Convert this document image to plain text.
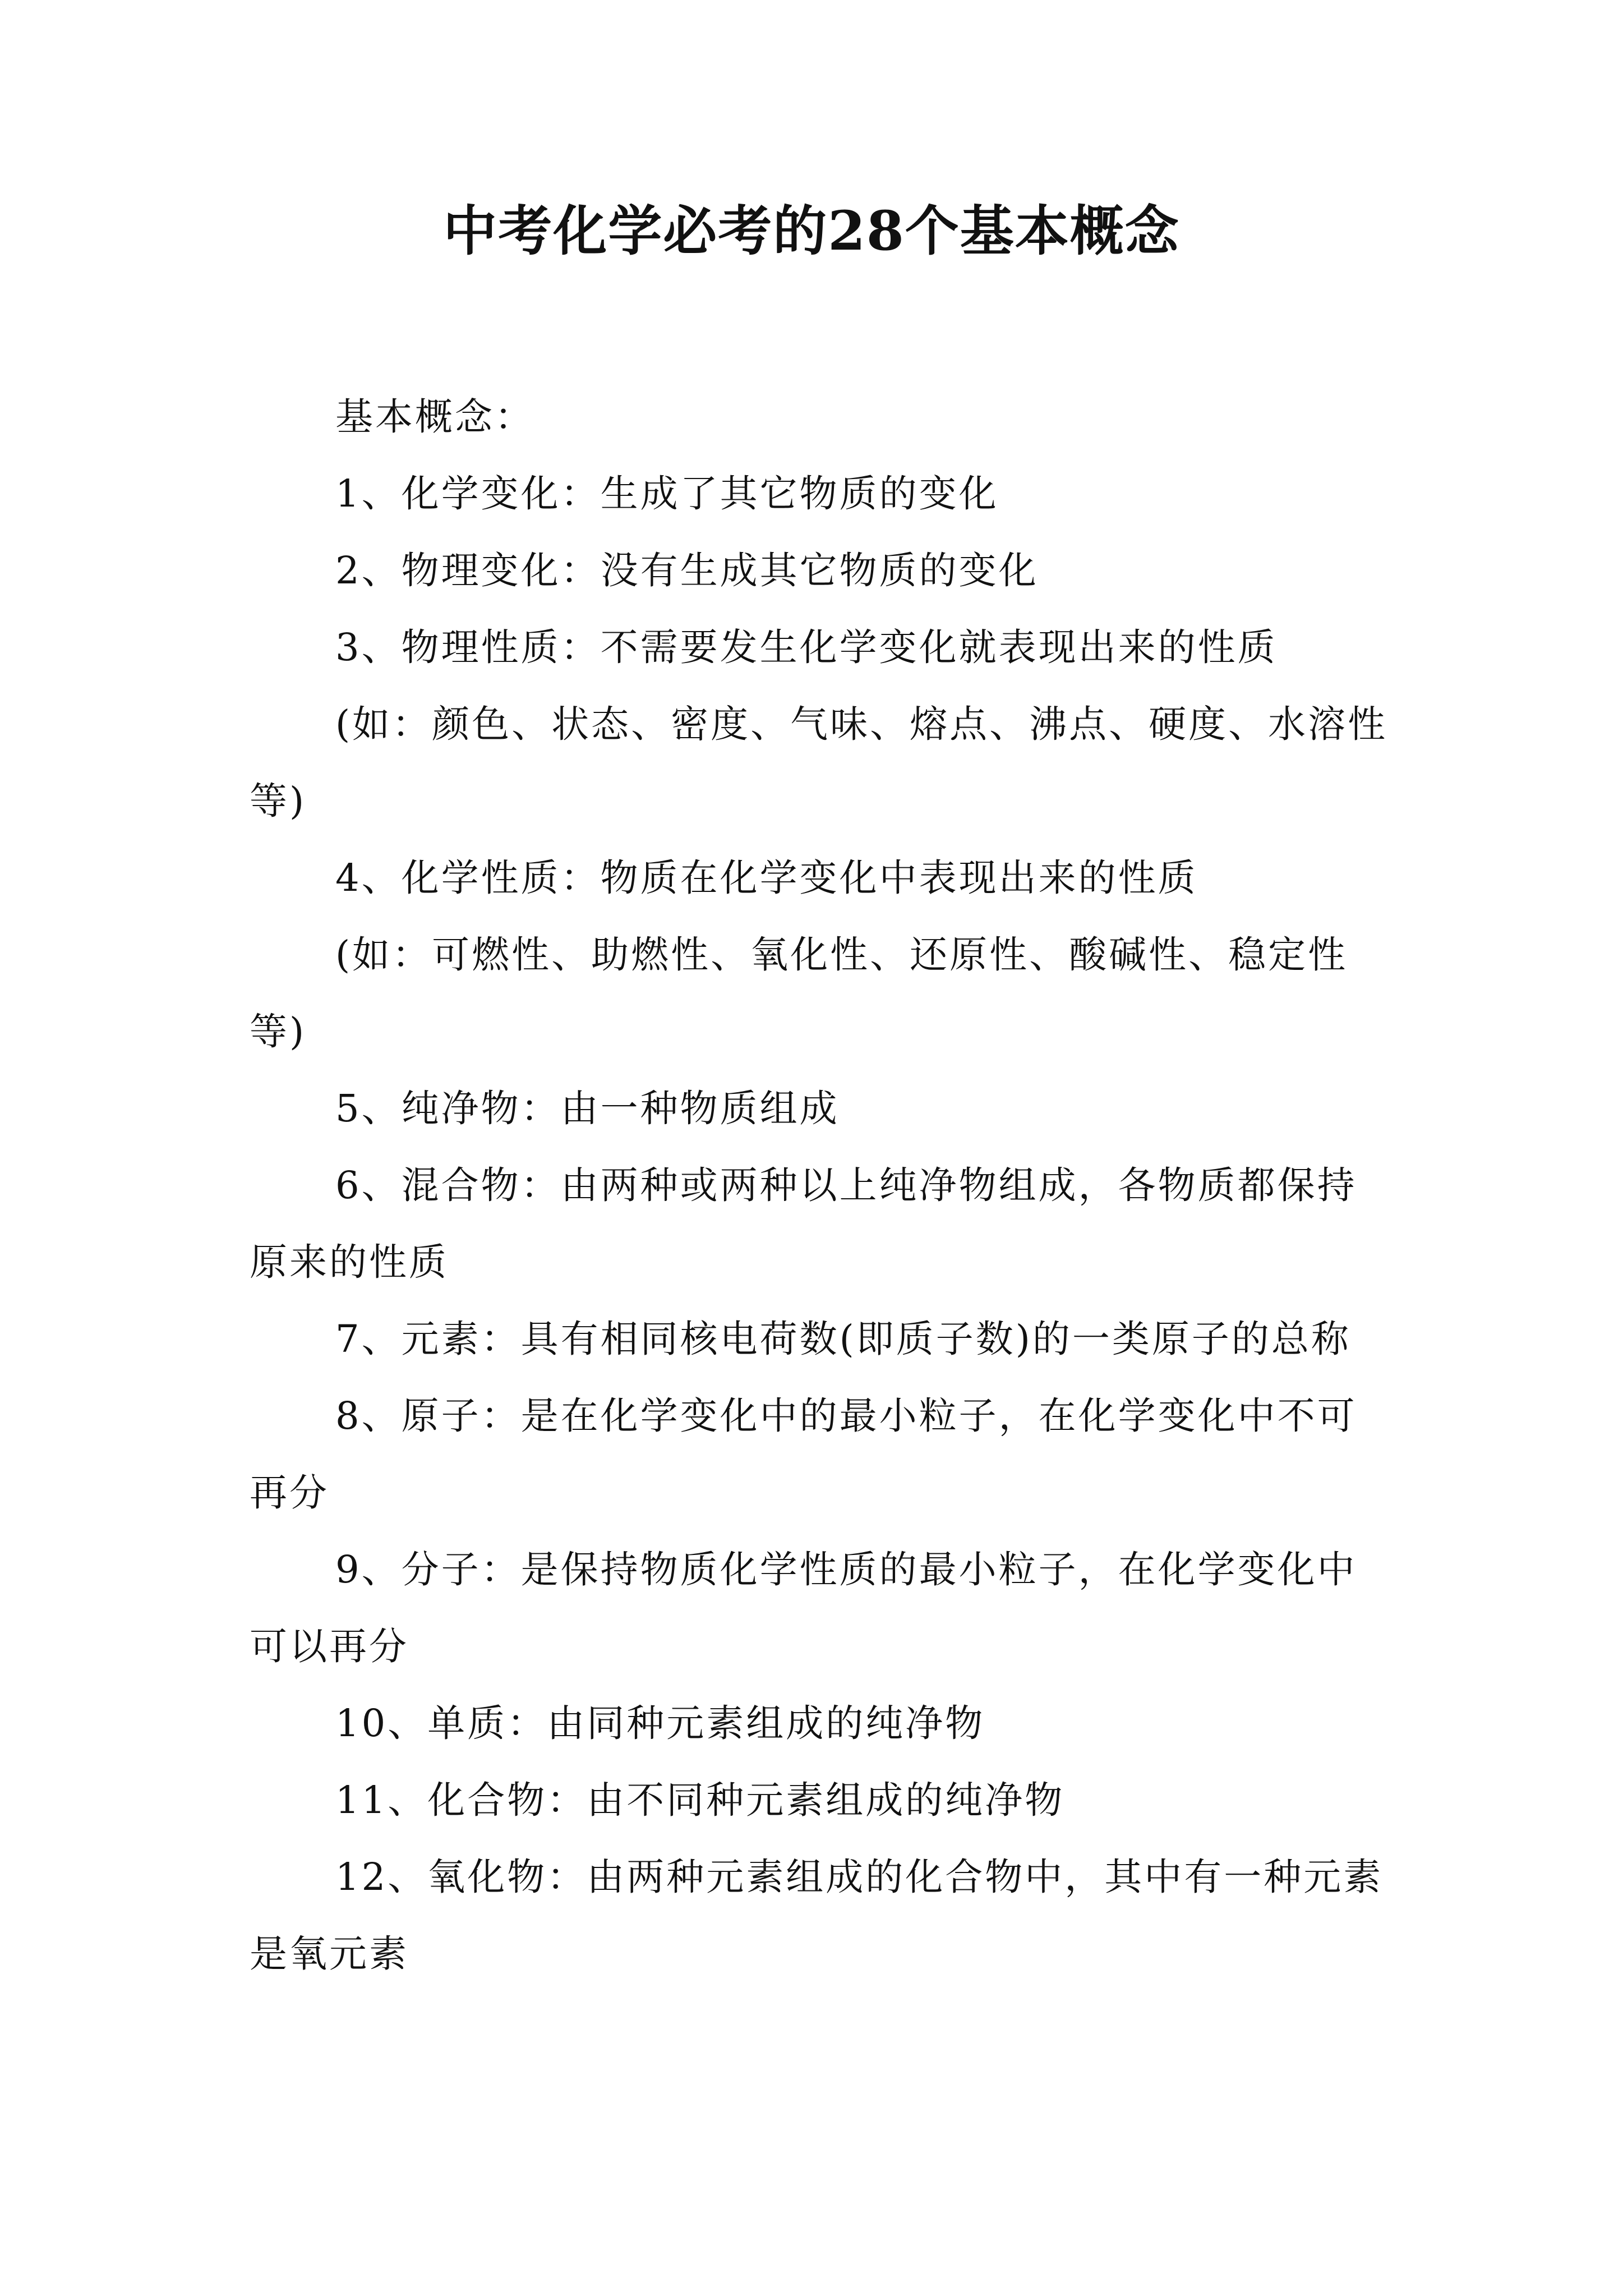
中考化学必考的28个基本概念

基本概念：

1、化学变化：生成了其它物质的变化

2、物理变化：没有生成其它物质的变化

3、物理性质：不需要发生化学变化就表现出来的性质

(如：颜色、状态、密度、气味、熔点、沸点、硬度、水溶性等)

4、化学性质：物质在化学变化中表现出来的性质

(如：可燃性、助燃性、氧化性、还原性、酸碱性、稳定性等)

5、纯净物：由一种物质组成

6、混合物：由两种或两种以上纯净物组成，各物质都保持原来的性质

7、元素：具有相同核电荷数(即质子数)的一类原子的总称

8、原子：是在化学变化中的最小粒子，在化学变化中不可再分

9、分子：是保持物质化学性质的最小粒子，在化学变化中可以再分

10、单质：由同种元素组成的纯净物

11、化合物：由不同种元素组成的纯净物

12、氧化物：由两种元素组成的化合物中，其中有一种元素是氧元素
